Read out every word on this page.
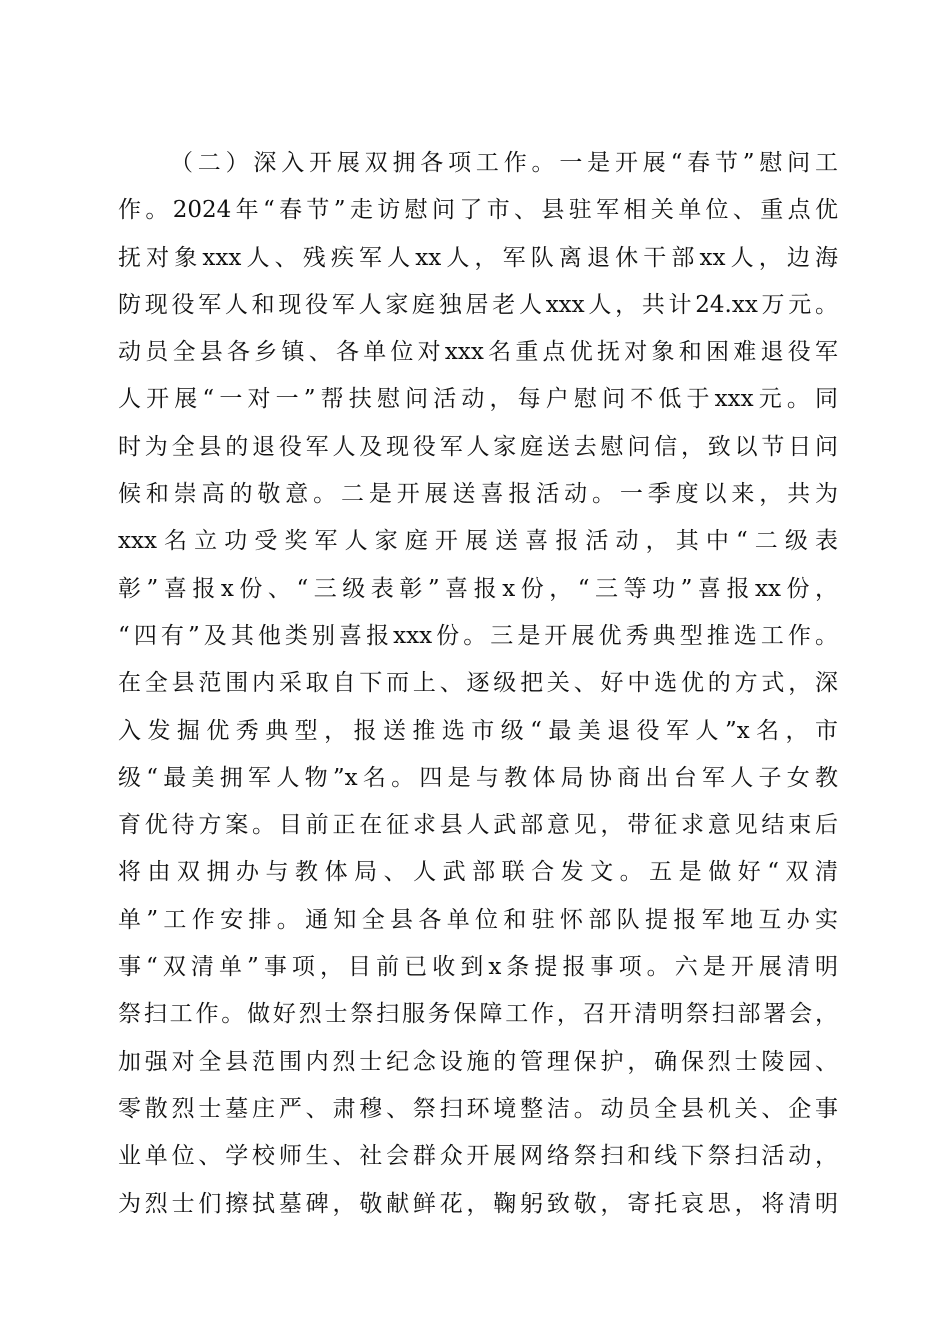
（二）深入开展双拥各项工作。一是开展“春节”慰问工
作。2024年“春节”走访慰问了市、县驻军相关单位、重点优
抚对象xxx人、残疾军人xx人，军队离退休干部xx人，边海
防现役军人和现役军人家庭独居老人xxx人，共计24.xx万元。
动员全县各乡镇、各单位对xxx名重点优抚对象和困难退役军
人开展“一对一”帮扶慰问活动，每户慰问不低于xxx元。同
时为全县的退役军人及现役军人家庭送去慰问信，致以节日问
候和崇高的敬意。二是开展送喜报活动。一季度以来，共为
xxx名立功受奖军人家庭开展送喜报活动，其中“二级表
彰”喜报x份、“三级表彰”喜报x份，“三等功”喜报xx份，
“四有”及其他类别喜报xxx份。三是开展优秀典型推选工作。
在全县范围内采取自下而上、逐级把关、好中选优的方式，深
入发掘优秀典型，报送推选市级“最美退役军人”x名，市
级“最美拥军人物”x名。四是与教体局协商出台军人子女教
育优待方案。目前正在征求县人武部意见，带征求意见结束后
将由双拥办与教体局、人武部联合发文。五是做好“双清
单”工作安排。通知全县各单位和驻怀部队提报军地互办实
事“双清单”事项，目前已收到x条提报事项。六是开展清明
祭扫工作。做好烈士祭扫服务保障工作，召开清明祭扫部署会，
加强对全县范围内烈士纪念设施的管理保护，确保烈士陵园、
零散烈士墓庄严、肃穆、祭扫环境整洁。动员全县机关、企事
业单位、学校师生、社会群众开展网络祭扫和线下祭扫活动，
为烈士们擦拭墓碑，敬献鲜花，鞠躬致敬，寄托哀思，将清明
